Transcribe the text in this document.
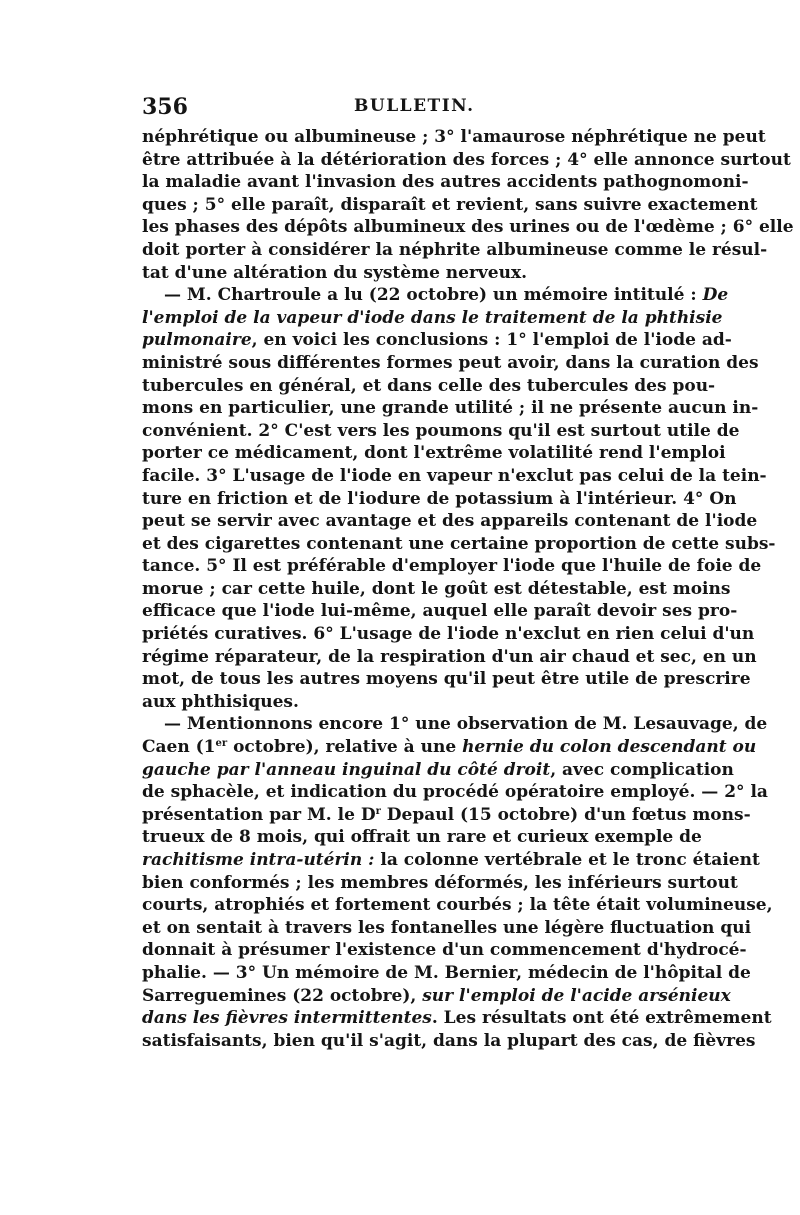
356	BULLETIN.
néphrétique ou albumineuse ; 3° l'amaurose néphrétique ne peut
être attribuée à la détérioration des forces ; 4° elle annonce surtout
la maladie avant l'invasion des autres accidents pathognomoni-
ques ; 5° elle paraît, disparaît et revient, sans suivre exactement
les phases des dépôts albumineux des urines ou de l'œdème ; 6° elle
doit porter à considérer la néphrite albumineuse comme le résul-
tat d'une altération du système nerveux.
— M. Chartroule a lu (22 octobre) un mémoire intitulé : De
l'emploi de la vapeur d'iode dans le traitement de la phthisie
pulmonaire, en voici les conclusions : 1° l'emploi de l'iode ad-
ministré sous différentes formes peut avoir, dans la curation des
tubercules en général, et dans celle des tubercules des pou-
mons en particulier, une grande utilité ; il ne présente aucun in-
convénient. 2° C'est vers les poumons qu'il est surtout utile de
porter ce médicament, dont l'extrême volatilité rend l'emploi
facile. 3° L'usage de l'iode en vapeur n'exclut pas celui de la tein-
ture en friction et de l'iodure de potassium à l'intérieur. 4° On
peut se servir avec avantage et des appareils contenant de l'iode
et des cigarettes contenant une certaine proportion de cette subs-
tance. 5° Il est préférable d'employer l'iode que l'huile de foie de
morue ; car cette huile, dont le goût est détestable, est moins
efficace que l'iode lui-même, auquel elle paraît devoir ses pro-
priétés curatives. 6° L'usage de l'iode n'exclut en rien celui d'un
régime réparateur, de la respiration d'un air chaud et sec, en un
mot, de tous les autres moyens qu'il peut être utile de prescrire
aux phthisiques.
— Mentionnons encore 1° une observation de M. Lesauvage, de
Caen (1er octobre), relative à une hernie du colon descendant ou
gauche par l'anneau inguinal du côté droit, avec complication
de sphacèle, et indication du procédé opératoire employé. — 2° la
présentation par M. le $D^r$ Depaul (15 octobre) d'un fœtus mons-
trueux de 8 mois, qui offrait un rare et curieux exemple de
rachitisme intra-utérin : la colonne vertébrale et le tronc étaient
bien conformés ; les membres déformés, les inférieurs surtout
courts, atrophiés et fortement courbés ; la tête était volumineuse,
et on sentait à travers les fontanelles une légère fluctuation qui
donnait à présumer l'existence d'un commencement d'hydrocé-
phalie. — 3° Un mémoire de M. Bernier, médecin de l'hôpital de
Sarreguemines (22 octobre), sur l'emploi de l'acide arsénieux
dans les fièvres intermittentes. Les résultats ont été extrêmement
satisfaisants, bien qu'il s'agit, dans la plupart des cas, de fièvres
